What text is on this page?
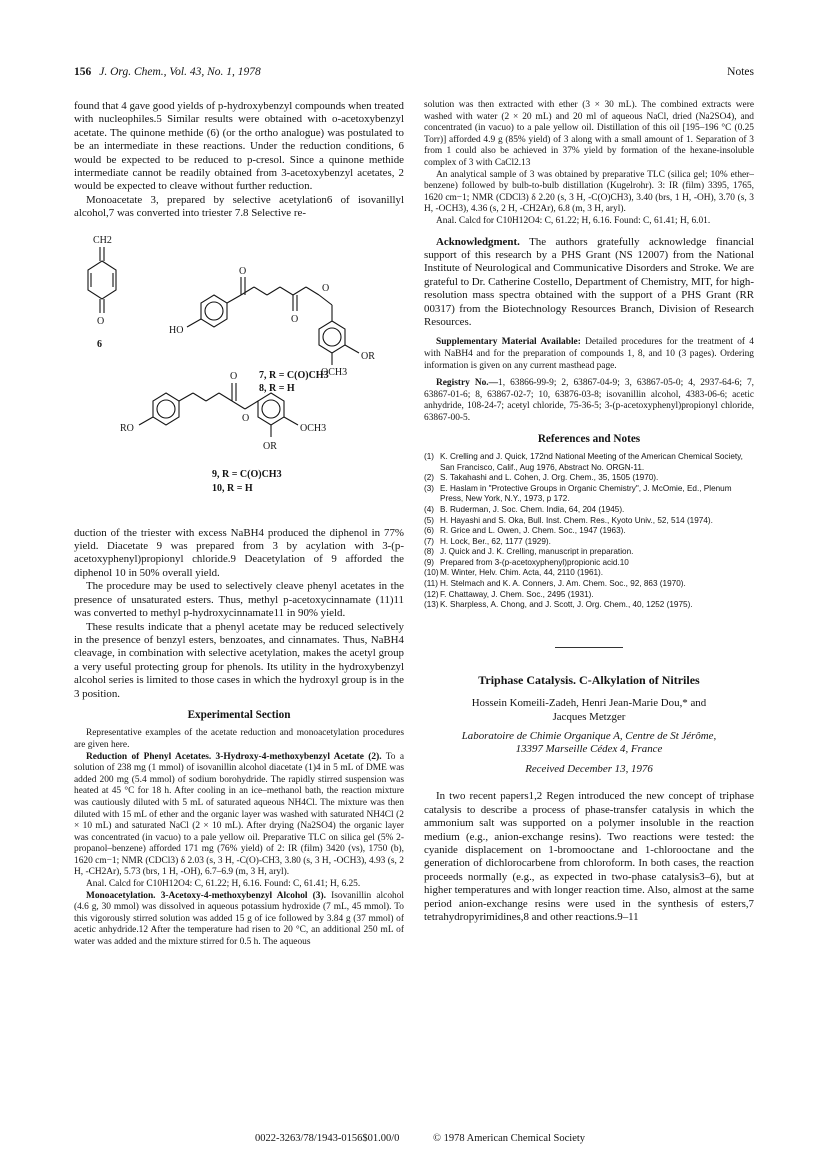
156 J. Org. Chem., Vol. 43, No. 1, 1978	Notes

found that 4 gave good yields of p-hydroxybenzyl compounds when treated with nucleophiles.5 Similar results were obtained with o-acetoxybenzyl acetate. The quinone methide (6) (or the ortho analogue) was postulated to be an intermediate in these reactions. Under the reduction conditions, 6 would be expected to be reduced to p-cresol. Since a quinone methide intermediate cannot be readily obtained from 3-acetoxybenzyl acetates, 2 would be expected to cleave without further reduction.

Monoacetate 3, prepared by selective acetylation6 of isovanillyl alcohol,7 was converted into triester 7.8 Selective re-

CH2
O
6
O
HO
O
O
OR
OCH3
7, R = C(O)CH3
8, R = H
O
RO
O
OCH3
OR
9, R = C(O)CH3
10, R = H

duction of the triester with excess NaBH4 produced the diphenol in 77% yield. Diacetate 9 was prepared from 3 by acylation with 3-(p-acetoxyphenyl)propionyl chloride.9 Deacetylation of 9 afforded the diphenol 10 in 50% overall yield.

The procedure may be used to selectively cleave phenyl acetates in the presence of unsaturated esters. Thus, methyl p-acetoxycinnamate (11)11 was converted to methyl p-hydroxycinnamate11 in 90% yield.

These results indicate that a phenyl acetate may be reduced selectively in the presence of benzyl esters, benzoates, and cinnamates. Thus, NaBH4 cleavage, in combination with selective acetylation, makes the acetyl group a very useful protecting group for phenols. Its utility in the hydroxybenzyl alcohol series is limited to those cases in which the hydroxyl group is in the 3 position.

Experimental Section

Representative examples of the acetate reduction and monoacetylation procedures are given here.

Reduction of Phenyl Acetates. 3-Hydroxy-4-methoxybenzyl Acetate (2). To a solution of 238 mg (1 mmol) of isovanillin alcohol diacetate (1)4 in 5 mL of DME was added 200 mg (5.4 mmol) of sodium borohydride. The rapidly stirred suspension was heated at 45 °C for 18 h. After cooling in an ice–methanol bath, the reaction mixture was cautiously diluted with 5 mL of saturated aqueous NH4Cl. The mixture was then diluted with 15 mL of ether and the organic layer was washed with saturated NH4Cl (2 × 10 mL) and saturated NaCl (2 × 10 mL). After drying (Na2SO4) the organic layer was concentrated (in vacuo) to a pale yellow oil. Preparative TLC on silica gel (5% 2-propanol–benzene) afforded 171 mg (76% yield) of 2: IR (film) 3420 (vs), 1750 (b), 1620 cm−1; NMR (CDCl3) δ 2.03 (s, 3 H, -C(O)-CH3, 3.80 (s, 3 H, -OCH3), 4.93 (s, 2 H, -CH2Ar), 5.73 (brs, 1 H, -OH), 6.7–6.9 (m, 3 H, aryl).

Anal. Calcd for C10H12O4: C, 61.22; H, 6.16. Found: C, 61.41; H, 6.25.

Monoacetylation. 3-Acetoxy-4-methoxybenzyl Alcohol (3). Isovanillin alcohol (4.6 g, 30 mmol) was dissolved in aqueous potassium hydroxide (7 mL, 45 mmol). To this vigorously stirred solution was added 15 g of ice followed by 3.84 g (37 mmol) of acetic anhydride.12 After the temperature had risen to 20 °C, an additional 250 mL of water was added and the mixture stirred for 0.5 h. The aqueous

solution was then extracted with ether (3 × 30 mL). The combined extracts were washed with water (2 × 20 mL) and 20 ml of aqueous NaCl, dried (Na2SO4), and concentrated (in vacuo) to a pale yellow oil. Distillation of this oil [195–196 °C (0.25 Torr)] afforded 4.9 g (85% yield) of 3 along with a small amount of 1. Separation of 3 from 1 could also be achieved in 37% yield by formation of the hexane-insoluble complex of 3 with CaCl2.13

An analytical sample of 3 was obtained by preparative TLC (silica gel; 10% ether–benzene) followed by bulb-to-bulb distillation (Kugelrohr). 3: IR (film) 3395, 1765, 1620 cm−1; NMR (CDCl3) δ 2.20 (s, 3 H, -C(O)CH3), 3.40 (brs, 1 H, -OH), 3.70 (s, 3 H, -OCH3), 4.36 (s, 2 H, -CH2Ar), 6.8 (m, 3 H, aryl).

Anal. Calcd for C10H12O4: C, 61.22; H, 6.16. Found: C, 61.41; H, 6.01.

Acknowledgment. The authors gratefully acknowledge financial support of this research by a PHS Grant (NS 12007) from the National Institute of Neurological and Communicative Disorders and Stroke. We are grateful to Dr. Catherine Costello, Department of Chemistry, MIT, for high-resolution mass spectra obtained with the support of a PHS Grant (RR 00317) from the Biotechnology Resources Branch, Division of Research Resources.

Supplementary Material Available: Detailed procedures for the treatment of 4 with NaBH4 and for the preparation of compounds 1, 8, and 10 (3 pages). Ordering information is given on any current masthead page.

Registry No.—1, 63866-99-9; 2, 63867-04-9; 3, 63867-05-0; 4, 2937-64-6; 7, 63867-01-6; 8, 63867-02-7; 10, 63876-03-8; isovanillin alcohol, 4383-06-6; acetic anhydride, 108-24-7; acetyl chloride, 75-36-5; 3-(p-acetoxyphenyl)propionyl chloride, 63867-00-5.

References and Notes
(1) K. Crelling and J. Quick, 172nd National Meeting of the American Chemical Society, San Francisco, Calif., Aug 1976, Abstract No. ORGN-11.
(2) S. Takahashi and L. Cohen, J. Org. Chem., 35, 1505 (1970).
(3) E. Haslam in "Protective Groups in Organic Chemistry", J. McOmie, Ed., Plenum Press, New York, N.Y., 1973, p 172.
(4) B. Ruderman, J. Soc. Chem. India, 64, 204 (1945).
(5) H. Hayashi and S. Oka, Bull. Inst. Chem. Res., Kyoto Univ., 52, 514 (1974).
(6) R. Grice and L. Owen, J. Chem. Soc., 1947 (1963).
(7) H. Lock, Ber., 62, 1177 (1929).
(8) J. Quick and J. K. Crelling, manuscript in preparation.
(9) Prepared from 3-(p-acetoxyphenyl)propionic acid.10
(10) M. Winter, Helv. Chim. Acta, 44, 2110 (1961).
(11) H. Stelmach and K. A. Conners, J. Am. Chem. Soc., 92, 863 (1970).
(12) F. Chattaway, J. Chem. Soc., 2495 (1931).
(13) K. Sharpless, A. Chong, and J. Scott, J. Org. Chem., 40, 1252 (1975).
Triphase Catalysis. C-Alkylation of Nitriles
Hossein Komeili-Zadeh, Henri Jean-Marie Dou,* and
Jacques Metzger
Laboratoire de Chimie Organique A, Centre de St Jérôme,
13397 Marseille Cédex 4, France
Received December 13, 1976

In two recent papers1,2 Regen introduced the new concept of triphase catalysis to describe a process of phase-transfer catalysis in which the ammonium salt was supported on a polymer insoluble in the reaction medium (e.g., anion-exchange resins). Two reactions were tested: the cyanide displacement on 1-bromooctane and 1-chlorooctane and the generation of dichlorocarbene from chloroform. In both cases, the reaction proceeds normally (e.g., as expected in two-phase catalysis3–6), but at higher temperatures and with longer reaction time. Also, almost at the same period anion-exchange resins were used in the synthesis of esters,7 tetrahydropyrimidines,8 and other reactions.9–11

0022-3263/78/1943-0156$01.00/0	© 1978 American Chemical Society
